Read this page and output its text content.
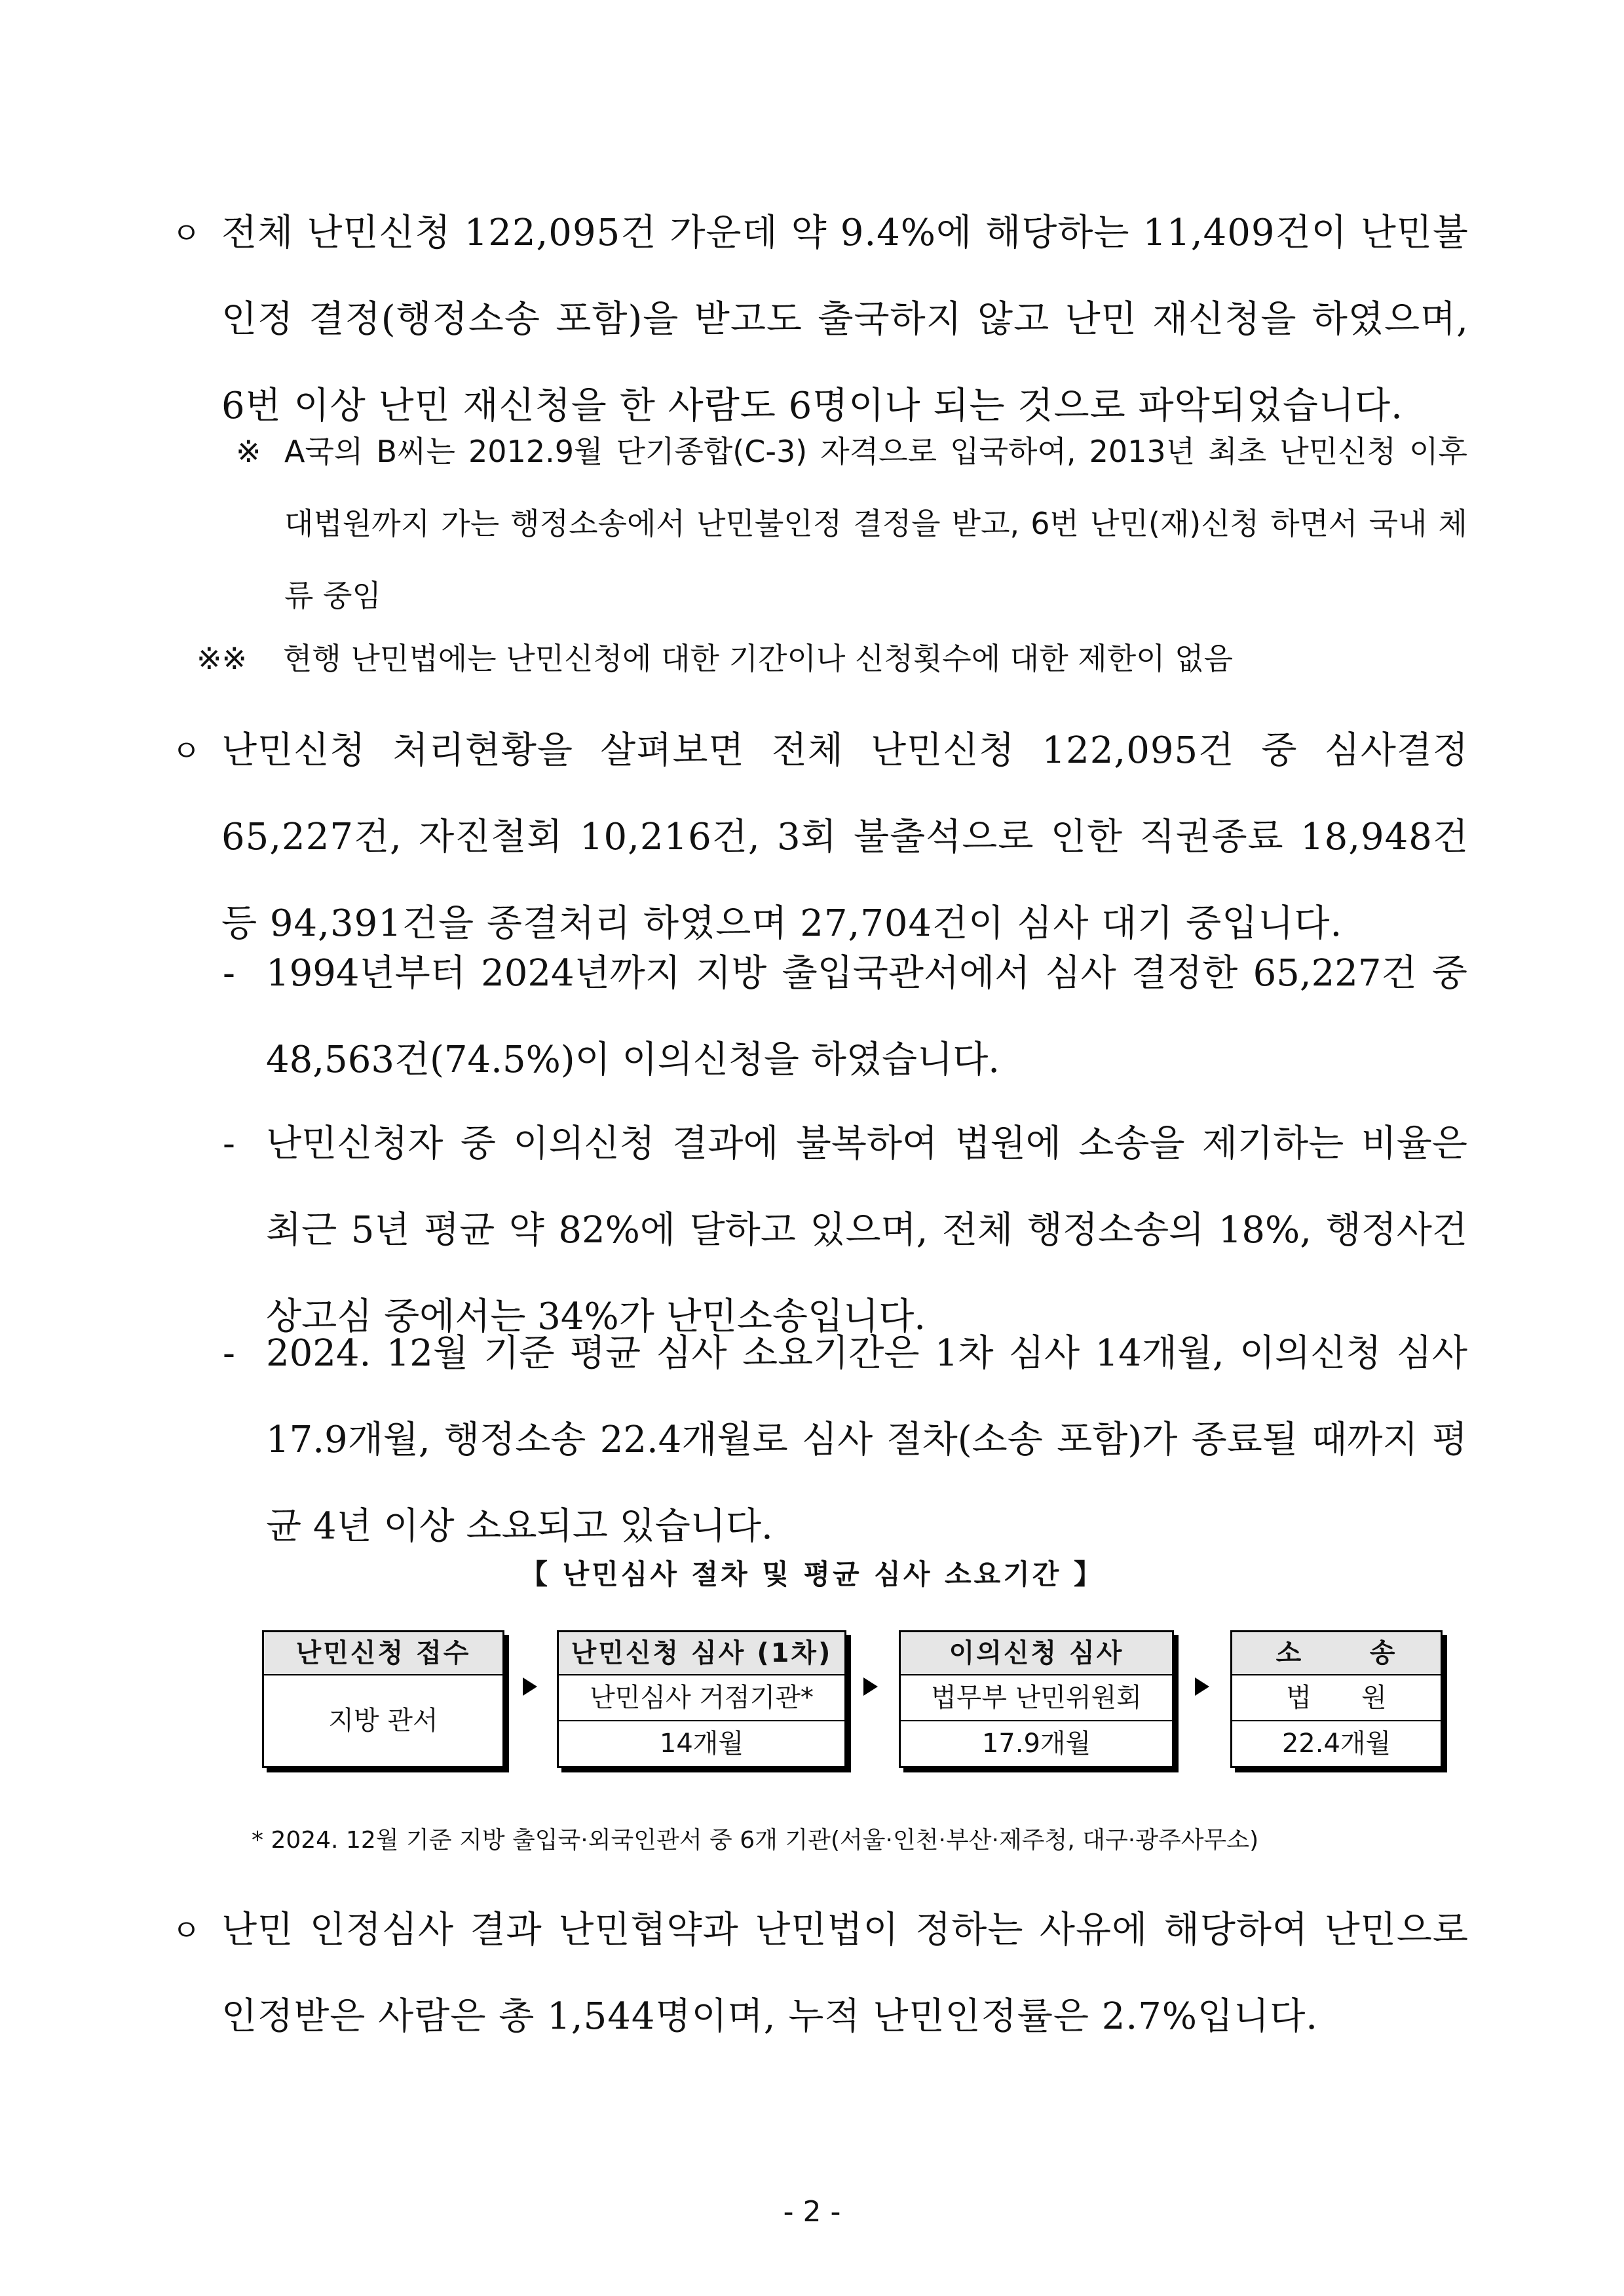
ㅇ 전체 난민신청 122,095건 가운데 약 9.4%에 해당하는 11,409건이 난민불인정 결정(행정소송 포함)을 받고도 출국하지 않고 난민 재신청을 하였으며, 6번 이상 난민 재신청을 한 사람도 6명이나 되는 것으로 파악되었습니다.
※ A국의 B씨는 2012.9월 단기종합(C-3) 자격으로 입국하여, 2013년 최초 난민신청 이후 대법원까지 가는 행정소송에서 난민불인정 결정을 받고, 6번 난민(재)신청 하면서 국내 체류 중임
※※ 현행 난민법에는 난민신청에 대한 기간이나 신청횟수에 대한 제한이 없음
ㅇ 난민신청 처리현황을 살펴보면 전체 난민신청 122,095건 중 심사결정 65,227건, 자진철회 10,216건, 3회 불출석으로 인한 직권종료 18,948건 등 94,391건을 종결처리 하였으며 27,704건이 심사 대기 중입니다.
- 1994년부터 2024년까지 지방 출입국관서에서 심사 결정한 65,227건 중 48,563건(74.5%)이 이의신청을 하였습니다.
- 난민신청자 중 이의신청 결과에 불복하여 법원에 소송을 제기하는 비율은 최근 5년 평균 약 82%에 달하고 있으며, 전체 행정소송의 18%, 행정사건 상고심 중에서는 34%가 난민소송입니다.
- 2024. 12월 기준 평균 심사 소요기간은 1차 심사 14개월, 이의신청 심사 17.9개월, 행정소송 22.4개월로 심사 절차(소송 포함)가 종료될 때까지 평균 4년 이상 소요되고 있습니다.
【 난민심사 절차 및 평균 심사 소요기간 】
난민신청 접수
지방 관서
난민신청 심사 (1차)
난민심사 거점기관*
14개월
이의신청 심사
법무부 난민위원회
17.9개월
소      송
법      원
22.4개월
* 2024. 12월 기준 지방 출입국·외국인관서 중 6개 기관(서울·인천·부산·제주청, 대구·광주사무소)
ㅇ 난민 인정심사 결과 난민협약과 난민법이 정하는 사유에 해당하여 난민으로 인정받은 사람은 총 1,544명이며, 누적 난민인정률은 2.7%입니다.
- 2 -
